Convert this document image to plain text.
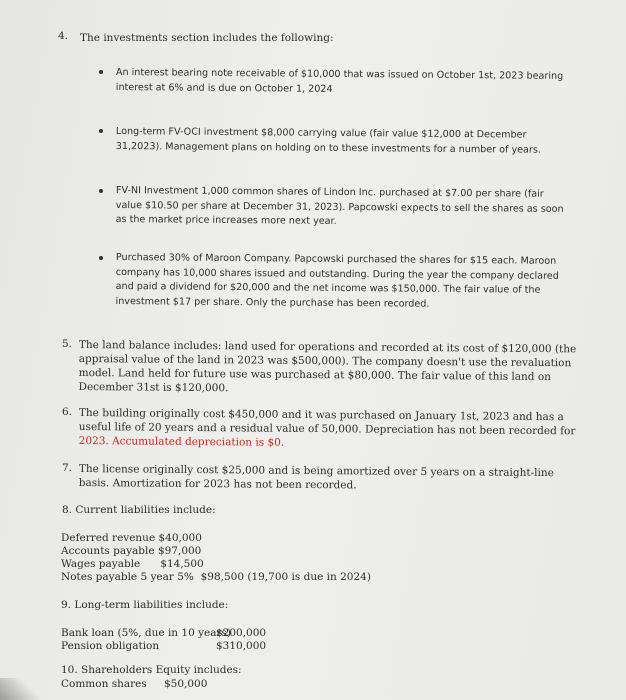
4. The investments section includes the following:
An interest bearing note receivable of $10,000 that was issued on October 1st, 2023 bearing
interest at 6% and is due on October 1, 2024
Long-term FV-OCI investment $8,000 carrying value (fair value $12,000 at December
31,2023). Management plans on holding on to these investments for a number of years.
FV-NI Investment 1,000 common shares of Lindon Inc. purchased at $7.00 per share (fair
value $10.50 per share at December 31, 2023). Papcowski expects to sell the shares as soon
as the market price increases more next year.
Purchased 30% of Maroon Company. Papcowski purchased the shares for $15 each. Maroon
company has 10,000 shares issued and outstanding. During the year the company declared
and paid a dividend for $20,000 and the net income was $150,000. The fair value of the
investment $17 per share. Only the purchase has been recorded.
5. The land balance includes: land used for operations and recorded at its cost of $120,000 (the
appraisal value of the land in 2023 was $500,000). The company doesn't use the revaluation
model. Land held for future use was purchased at $80,000. The fair value of this land on
December 31st is $120,000.
6. The building originally cost $450,000 and it was purchased on January 1st, 2023 and has a
useful life of 20 years and a residual value of 50,000. Depreciation has not been recorded for
2023. Accumulated depreciation is $0.
7. The license originally cost $25,000 and is being amortized over 5 years on a straight-line
basis. Amortization for 2023 has not been recorded.
8. Current liabilities include:
Deferred revenue $40,000
Accounts payable $97,000
Wages payable      $14,500
Notes payable 5 year 5%  $98,500 (19,700 is due in 2024)
9. Long-term liabilities include:
Bank loan (5%, due in 10 years)
$200,000
Pension obligation	$310,000
10. Shareholders Equity includes:
Common shares $50,000
